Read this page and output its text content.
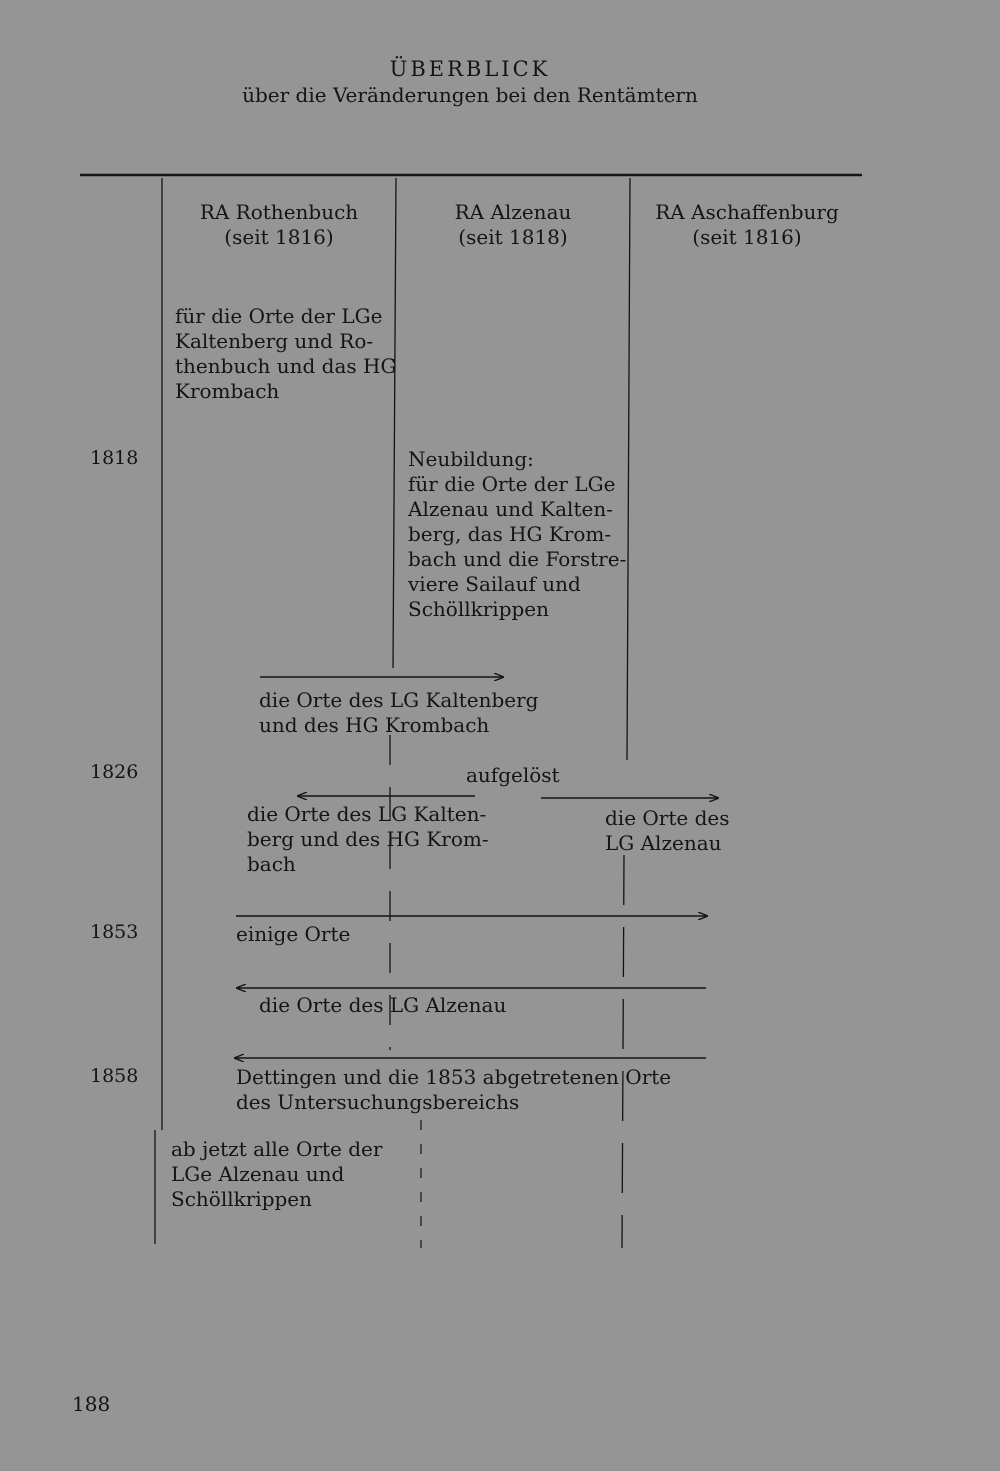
ÜBERBLICK
über die Veränderungen bei den Rentämtern
RA Rothenbuch
(seit 1816)
RA Alzenau
(seit 1818)
RA Aschaffenburg
(seit 1816)
für die Orte der LGe
Kaltenberg und Ro-
thenbuch und das HG
Krombach
1818
1826
1853
1858
Neubildung:
für die Orte der LGe
Alzenau und Kalten-
berg, das HG Krom-
bach und die Forstre-
viere Sailauf und
Schöllkrippen
die Orte des LG Kaltenberg
und des HG Krombach
aufgelöst
die Orte des LG Kalten-
berg und des HG Krom-
bach
die Orte des
LG Alzenau
einige Orte
die Orte des LG Alzenau
Dettingen und die 1853 abgetretenen Orte
des Untersuchungsbereichs
ab jetzt alle Orte der
LGe Alzenau und
Schöllkrippen
188
